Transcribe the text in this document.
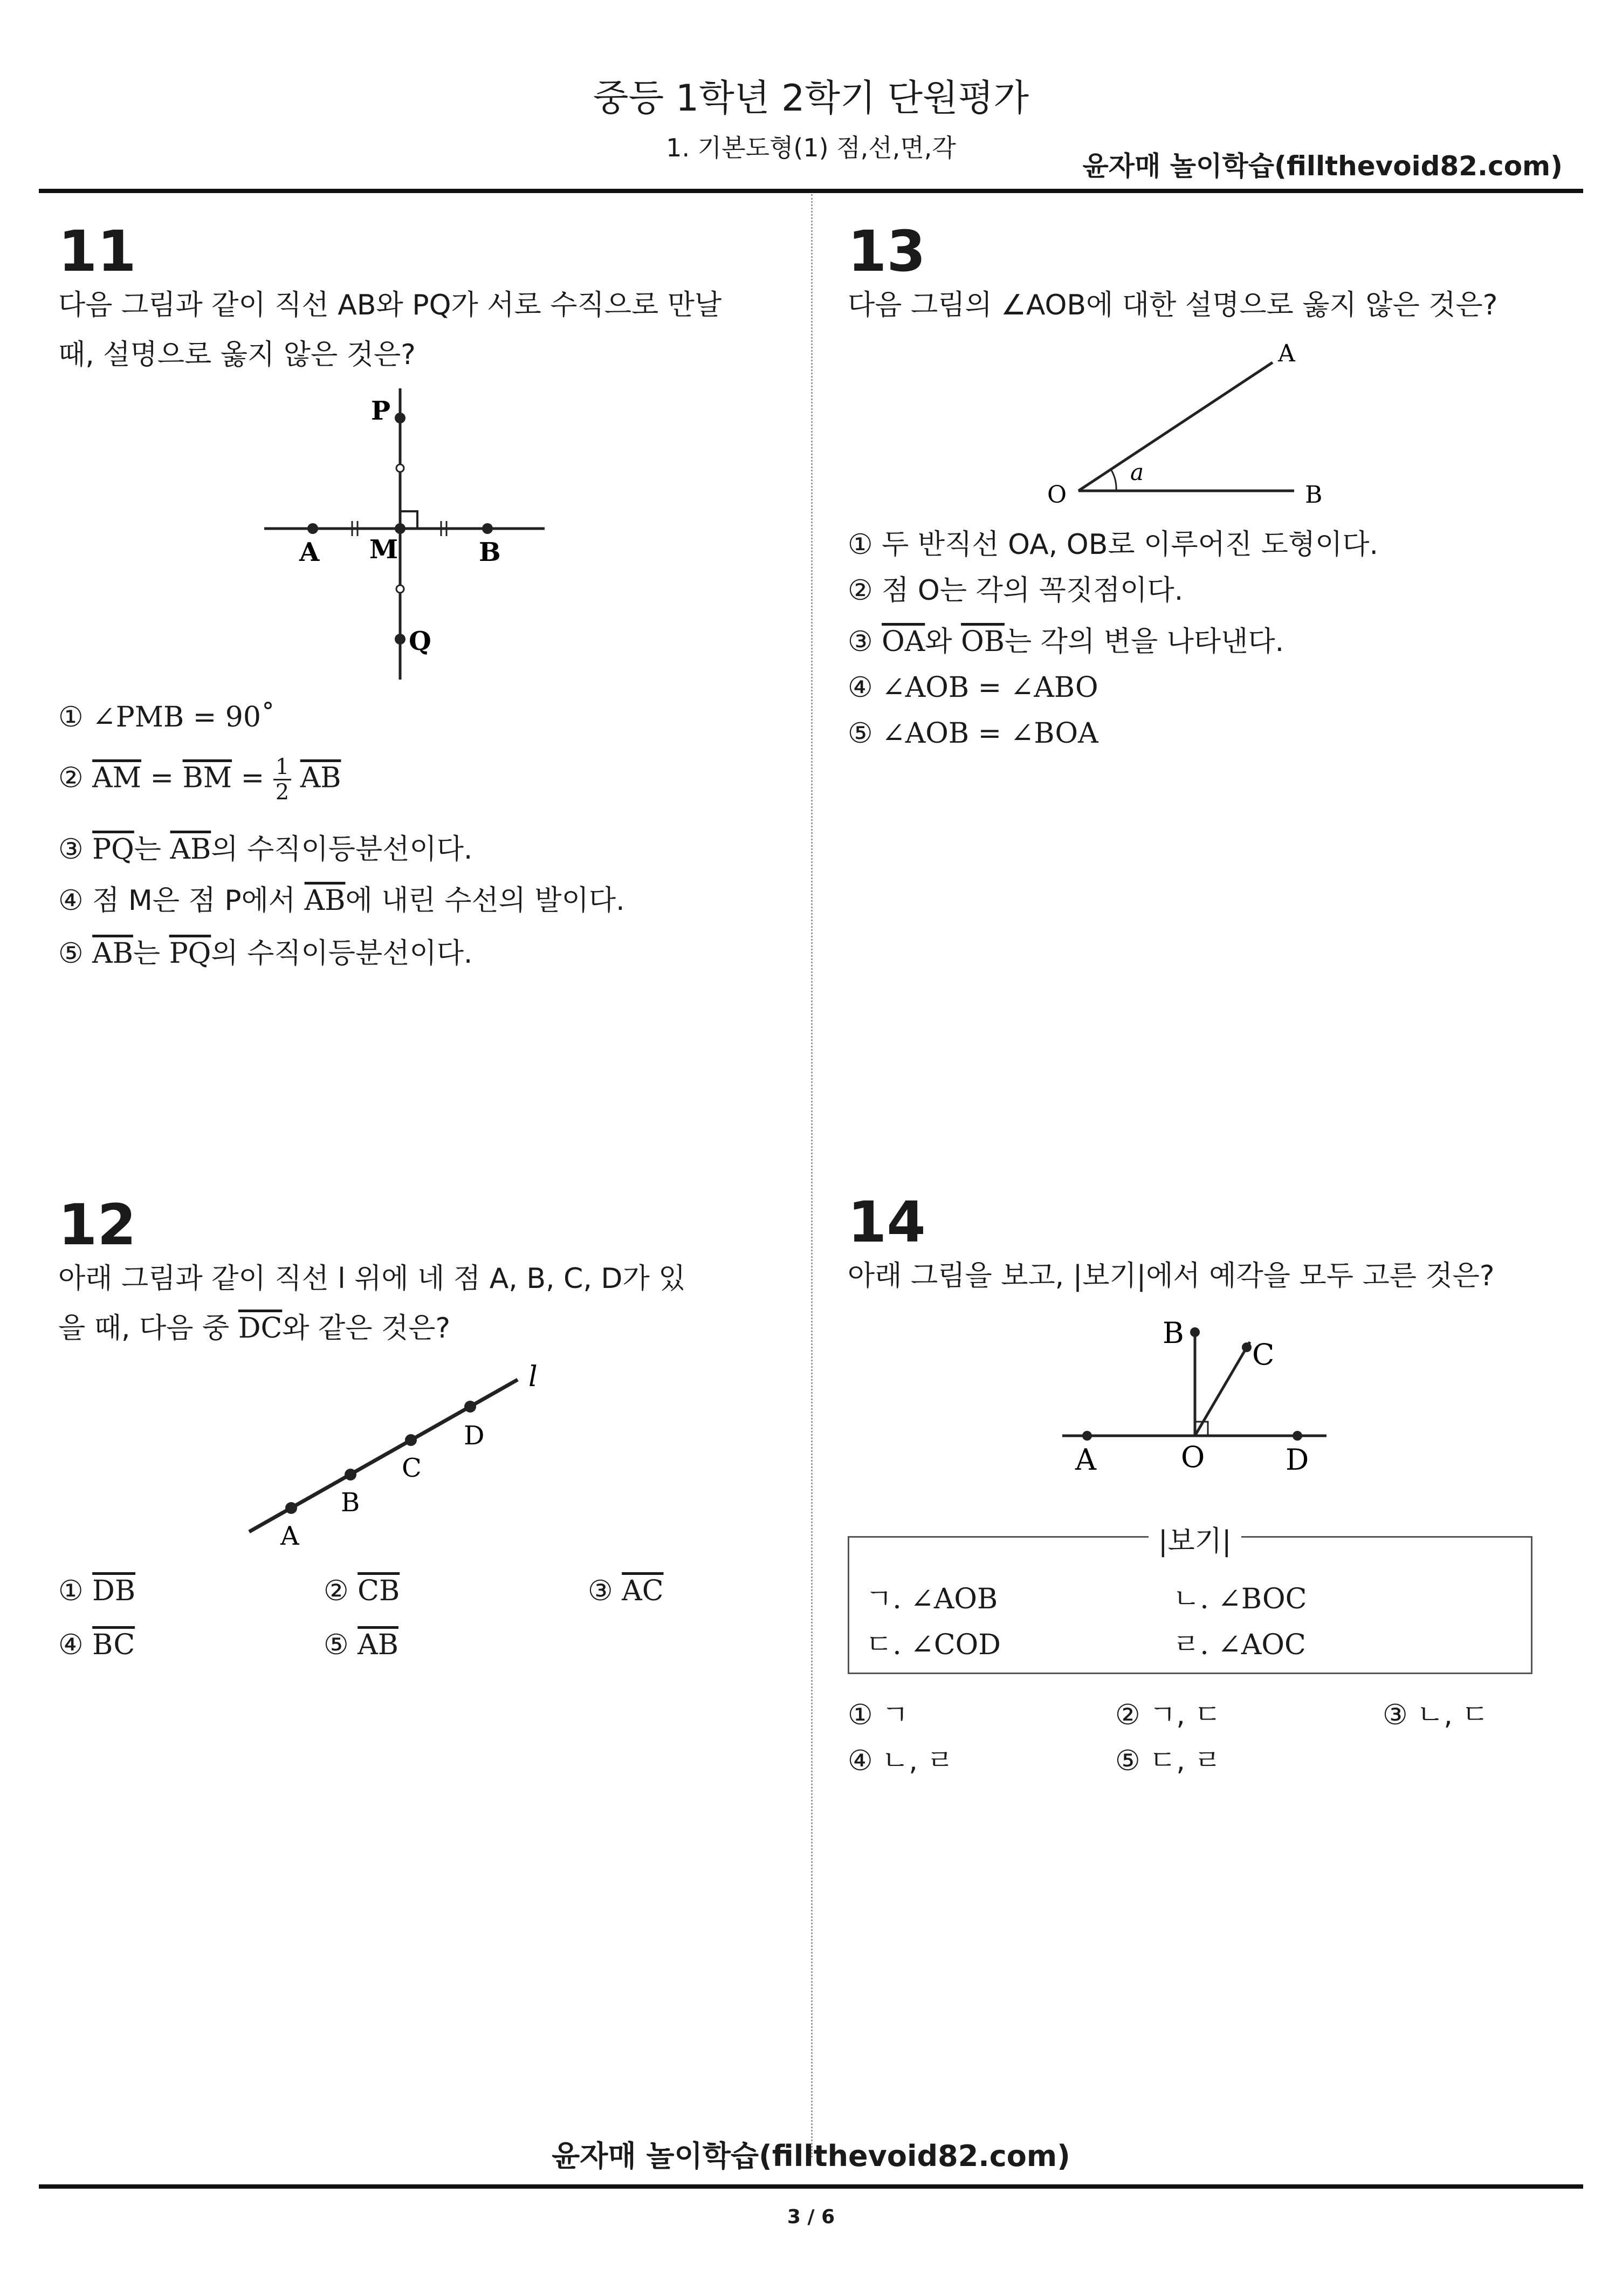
중등 1학년 2학기 단원평가
1. 기본도형(1) 점,선,면,각
윤자매 놀이학습(fillthevoid82.com)
11
다음 그림과 같이 직선 AB와 PQ가 서로 수직으로 만날
때, 설명으로 옳지 않은 것은?
P
A M	B
Q
① ∠PMB = 90˚
② $\overline{AM} = \overline{BM} = \frac{1}{2} \overline{AB}$
③ $\overline{PQ}$는 $\overline{AB}$의 수직이등분선이다.
④ 점 M은 점 P에서 $\overline{AB}$에 내린 수선의 발이다.
⑤ $\overline{AB}$는 $\overline{PQ}$의 수직이등분선이다.
13
다음 그림의 ∠AOB에 대한 설명으로 옳지 않은 것은?
A
O	B
a
① 두 반직선 OA, OB로 이루어진 도형이다.
② 점 O는 각의 꼭짓점이다.
③ $\overline{OA}$와 $\overline{OB}$는 각의 변을 나타낸다.
④ ∠AOB = ∠ABO
⑤ ∠AOB = ∠BOA
12
아래 그림과 같이 직선 l 위에 네 점 A, B, C, D가 있
을 때, 다음 중 $\overline{DC}$와 같은 것은?
l
A
B
C
D
① $\overline{DB}$	② $\overline{CB}$	③ $\overline{AC}$
④ $\overline{BC}$	⑤ $\overline{AB}$
14
아래 그림을 보고, |보기|에서 예각을 모두 고른 것은?
B
C
A	O	D
|보기|
ㄱ. ∠AOB	ㄴ. ∠BOC
ㄷ. ∠COD	ㄹ. ∠AOC
① ㄱ	② ㄱ, ㄷ	③ ㄴ, ㄷ
④ ㄴ, ㄹ	⑤ ㄷ, ㄹ
윤자매 놀이학습(fillthevoid82.com)
3 / 6
